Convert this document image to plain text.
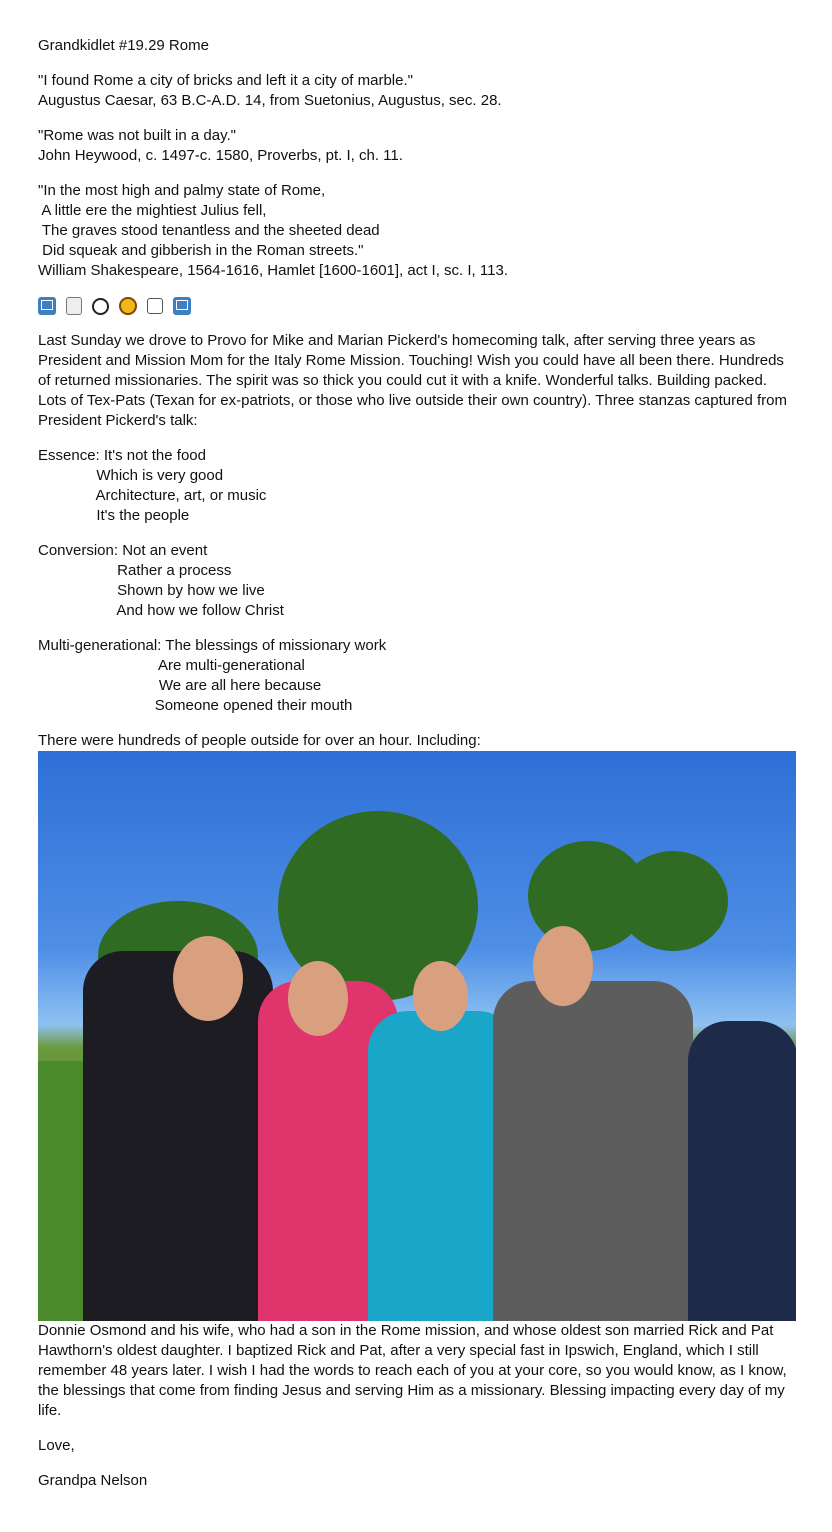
Grandkidlet #19.29 Rome
"I found Rome a city of bricks and left it a city of marble."
Augustus Caesar, 63 B.C-A.D. 14, from Suetonius, Augustus, sec. 28.
"Rome was not built in a day."
John Heywood, c. 1497-c. 1580, Proverbs, pt. I, ch. 11.
"In the most high and palmy state of Rome,
A little ere the mightiest Julius fell,
The graves stood tenantless and the sheeted dead
Did squeak and gibberish in the Roman streets."
William Shakespeare, 1564-1616, Hamlet [1600-1601], act I, sc. I, 113.
Last Sunday we drove to Provo for Mike and Marian Pickerd's homecoming talk, after serving three years as President and Mission Mom for the Italy Rome Mission. Touching! Wish you could have all been there. Hundreds of returned missionaries. The spirit was so thick you could cut it with a knife. Wonderful talks. Building packed. Lots of Tex-Pats (Texan for ex-patriots, or those who live outside their own country). Three stanzas captured from President Pickerd's talk:
Essence: It's not the food
Which is very good
Architecture, art, or music
It's the people
Conversion: Not an event
Rather a process
Shown by how we live
And how we follow Christ
Multi-generational: The blessings of missionary work
Are multi-generational
We are all here because
Someone opened their mouth
There were hundreds of people outside for over an hour. Including:
Donnie Osmond and his wife, who had a son in the Rome mission, and whose oldest son married Rick and Pat Hawthorn's oldest daughter. I baptized Rick and Pat, after a very special fast in Ipswich, England, which I still remember 48 years later. I wish I had the words to reach each of you at your core, so you would know, as I know, the blessings that come from finding Jesus and serving Him as a missionary. Blessing impacting every day of my life.
Love,
Grandpa Nelson
